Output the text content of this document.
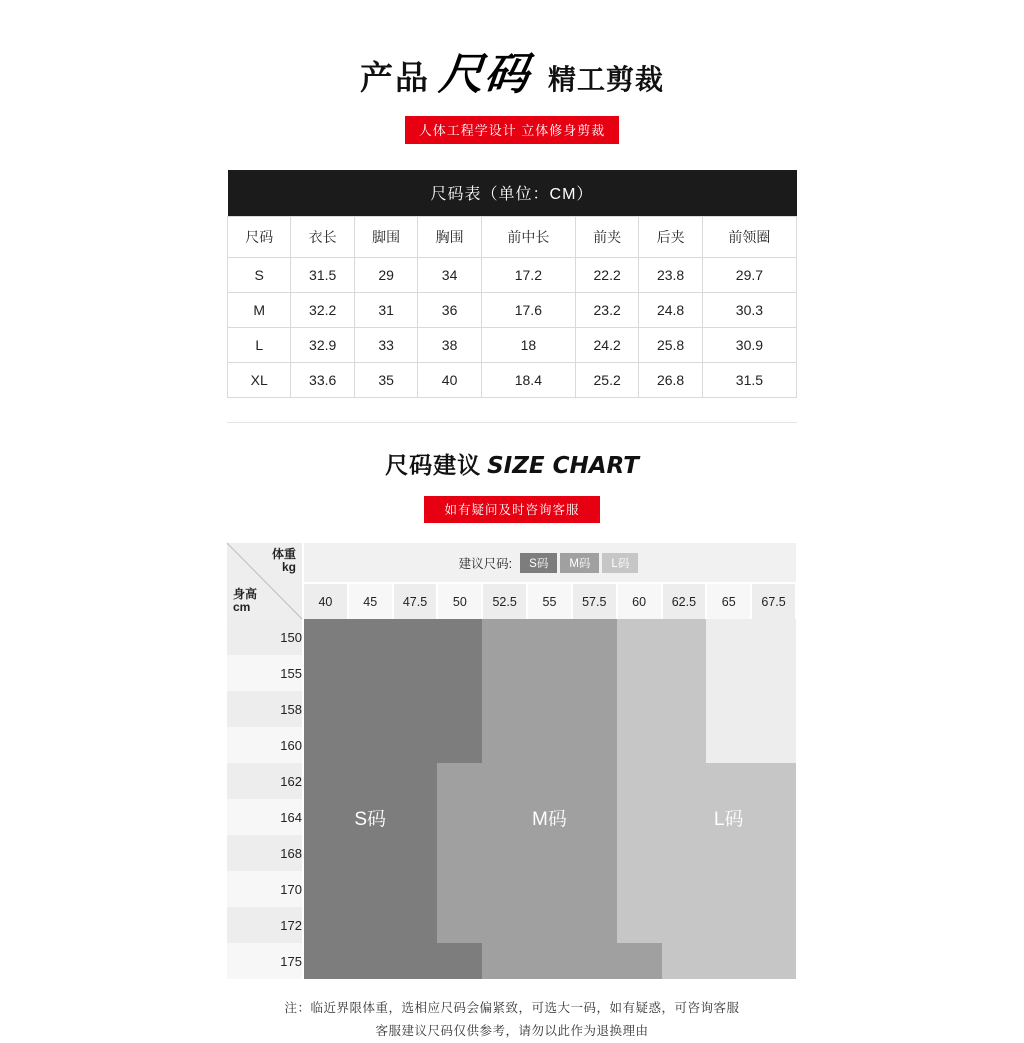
产品 尺码 精工剪裁
人体工程学设计 立体修身剪裁
尺码表（单位：CM）							
尺码	衣长	脚围	胸围	前中长	前夹	后夹	前领圈
S	31.5	29	34	17.2	22.2	23.8	29.7
M	32.2	31	36	17.6	23.2	24.8	30.3
L	32.9	33	38	18	24.2	25.8	30.9
XL	33.6	35	40	18.4	25.2	26.8	31.5
尺码建议 SIZE CHART
如有疑问及时咨询客服
体重
kg
身高
cm

建议尺码:	S码	M码	L码

	40	45	47.5	50	52.5	55	57.5	60	62.5	65	67.5
150											
155											
158											
160											
162											
164		S码				M码				L码	

168											
170											
172											
175											
注：临近界限体重，选相应尺码会偏紧致，可选大一码，如有疑惑，可咨询客服
客服建议尺码仅供参考，请勿以此作为退换理由
